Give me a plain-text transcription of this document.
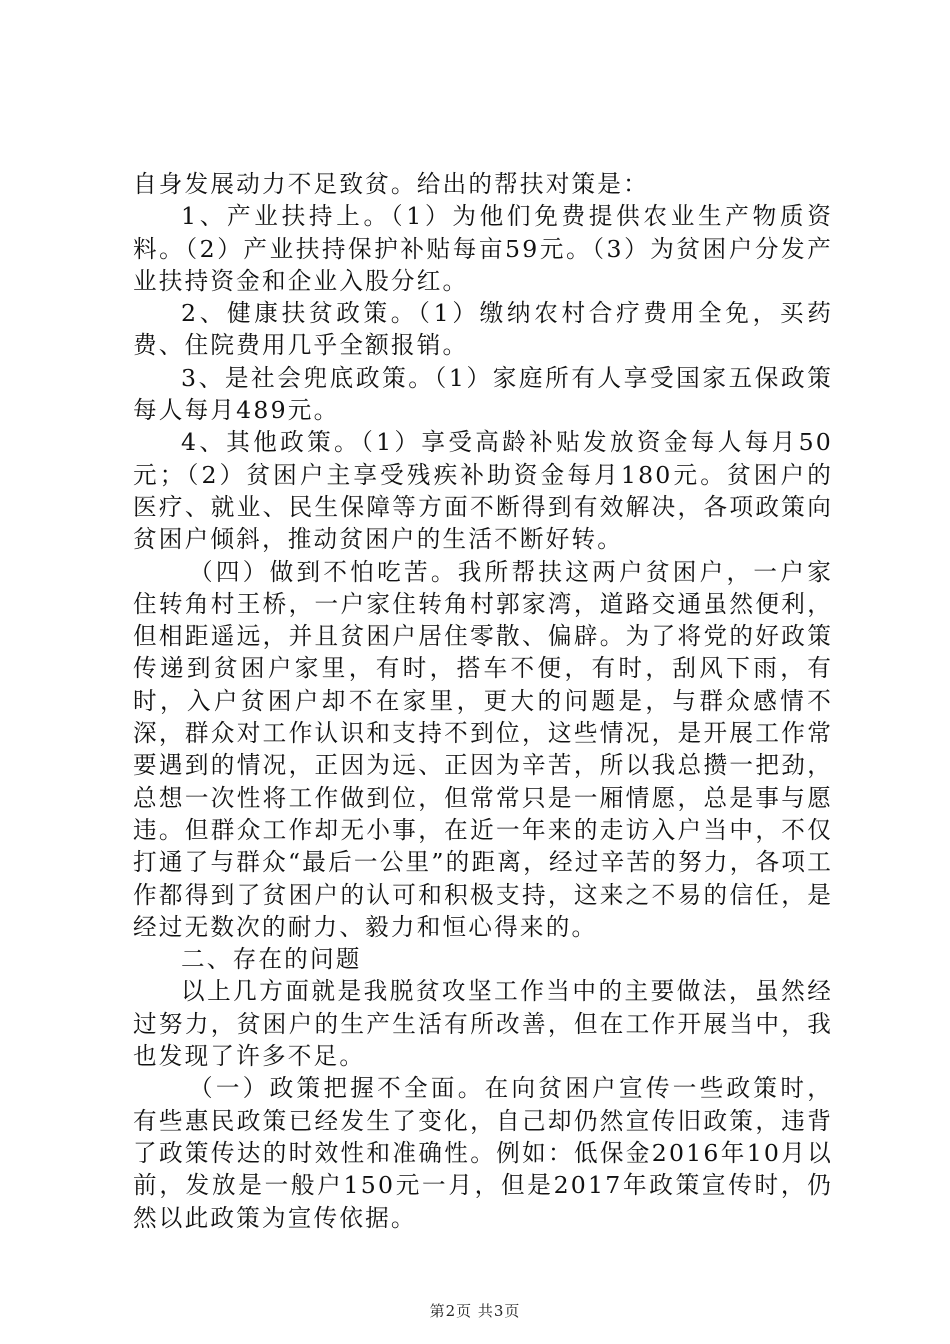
自身发展动力不足致贫。给出的帮扶对策是：

1、产业扶持上。（1）为他们免费提供农业生产物质资料。（2）产业扶持保护补贴每亩59元。（3）为贫困户分发产业扶持资金和企业入股分红。

2、健康扶贫政策。（1）缴纳农村合疗费用全免，买药费、住院费用几乎全额报销。

3、是社会兜底政策。（1）家庭所有人享受国家五保政策每人每月489元。

4、其他政策。（1）享受高龄补贴发放资金每人每月50元；（2）贫困户主享受残疾补助资金每月180元。贫困户的医疗、就业、民生保障等方面不断得到有效解决，各项政策向贫困户倾斜，推动贫困户的生活不断好转。

（四）做到不怕吃苦。我所帮扶这两户贫困户，一户家住转角村王桥，一户家住转角村郭家湾，道路交通虽然便利，但相距遥远，并且贫困户居住零散、偏辟。为了将党的好政策传递到贫困户家里，有时，搭车不便，有时，刮风下雨，有时，入户贫困户却不在家里，更大的问题是，与群众感情不深，群众对工作认识和支持不到位，这些情况，是开展工作常要遇到的情况，正因为远、正因为辛苦，所以我总攒一把劲，总想一次性将工作做到位，但常常只是一厢情愿，总是事与愿违。但群众工作却无小事，在近一年来的走访入户当中，不仅打通了与群众“最后一公里”的距离，经过辛苦的努力，各项工作都得到了贫困户的认可和积极支持，这来之不易的信任，是经过无数次的耐力、毅力和恒心得来的。

二、存在的问题

以上几方面就是我脱贫攻坚工作当中的主要做法，虽然经过努力，贫困户的生产生活有所改善，但在工作开展当中，我也发现了许多不足。

（一）政策把握不全面。在向贫困户宣传一些政策时，有些惠民政策已经发生了变化，自己却仍然宣传旧政策，违背了政策传达的时效性和准确性。例如：低保金2016年10月以前，发放是一般户150元一月，但是2017年政策宣传时，仍然以此政策为宣传依据。

第2页 共3页
